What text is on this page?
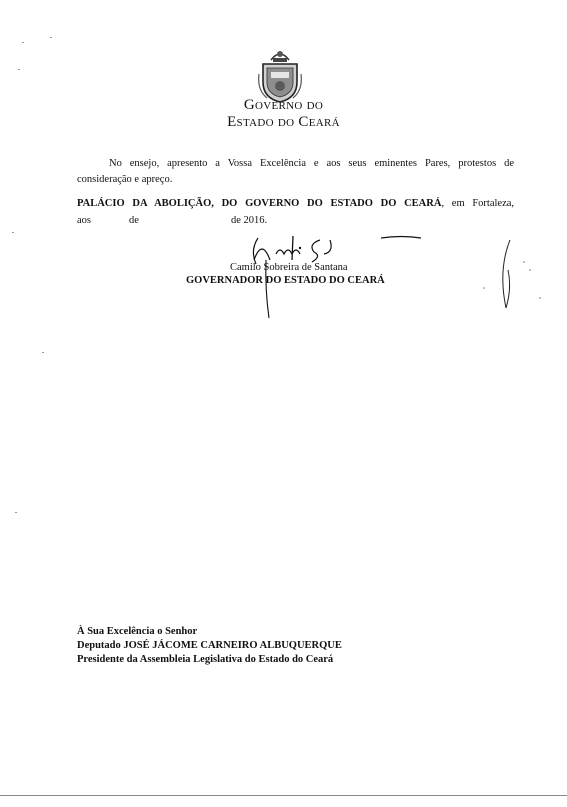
Governo do
Estado do Ceará
No ensejo, apresento a Vossa Excelência e aos seus eminentes Pares, protestos de
consideração e apreço.
PALÁCIO DA ABOLIÇÃO, DO GOVERNO DO ESTADO DO CEARÁ, em Fortaleza,
aos	de	de 2016.
Camilo Sobreira de Santana
GOVERNADOR DO ESTADO DO CEARÁ
À Sua Excelência o Senhor
Deputado JOSÉ JÁCOME CARNEIRO ALBUQUERQUE
Presidente da Assembleia Legislativa do Estado do Ceará
